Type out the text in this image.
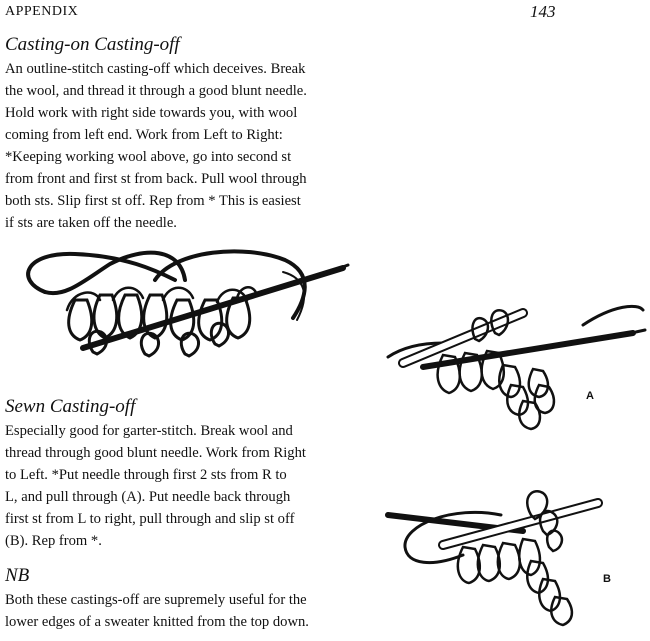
APPENDIX	143
Casting-on Casting-off
An outline-stitch casting-off which deceives. Break
the wool, and thread it through a good blunt needle.
Hold work with right side towards you, with wool
coming from left end. Work from Left to Right:
*Keeping working wool above, go into second st
from front and first st from back. Pull wool through
both sts. Slip first st off. Rep from * This is easiest
if sts are taken off the needle.
A
Sewn Casting-off
Especially good for garter-stitch. Break wool and
thread through good blunt needle. Work from Right
to Left. *Put needle through first 2 sts from R to
L, and pull through (A). Put needle back through
first st from L to right, pull through and slip st off
(B). Rep from *.
B
NB
Both these castings-off are supremely useful for the
lower edges of a sweater knitted from the top down.
